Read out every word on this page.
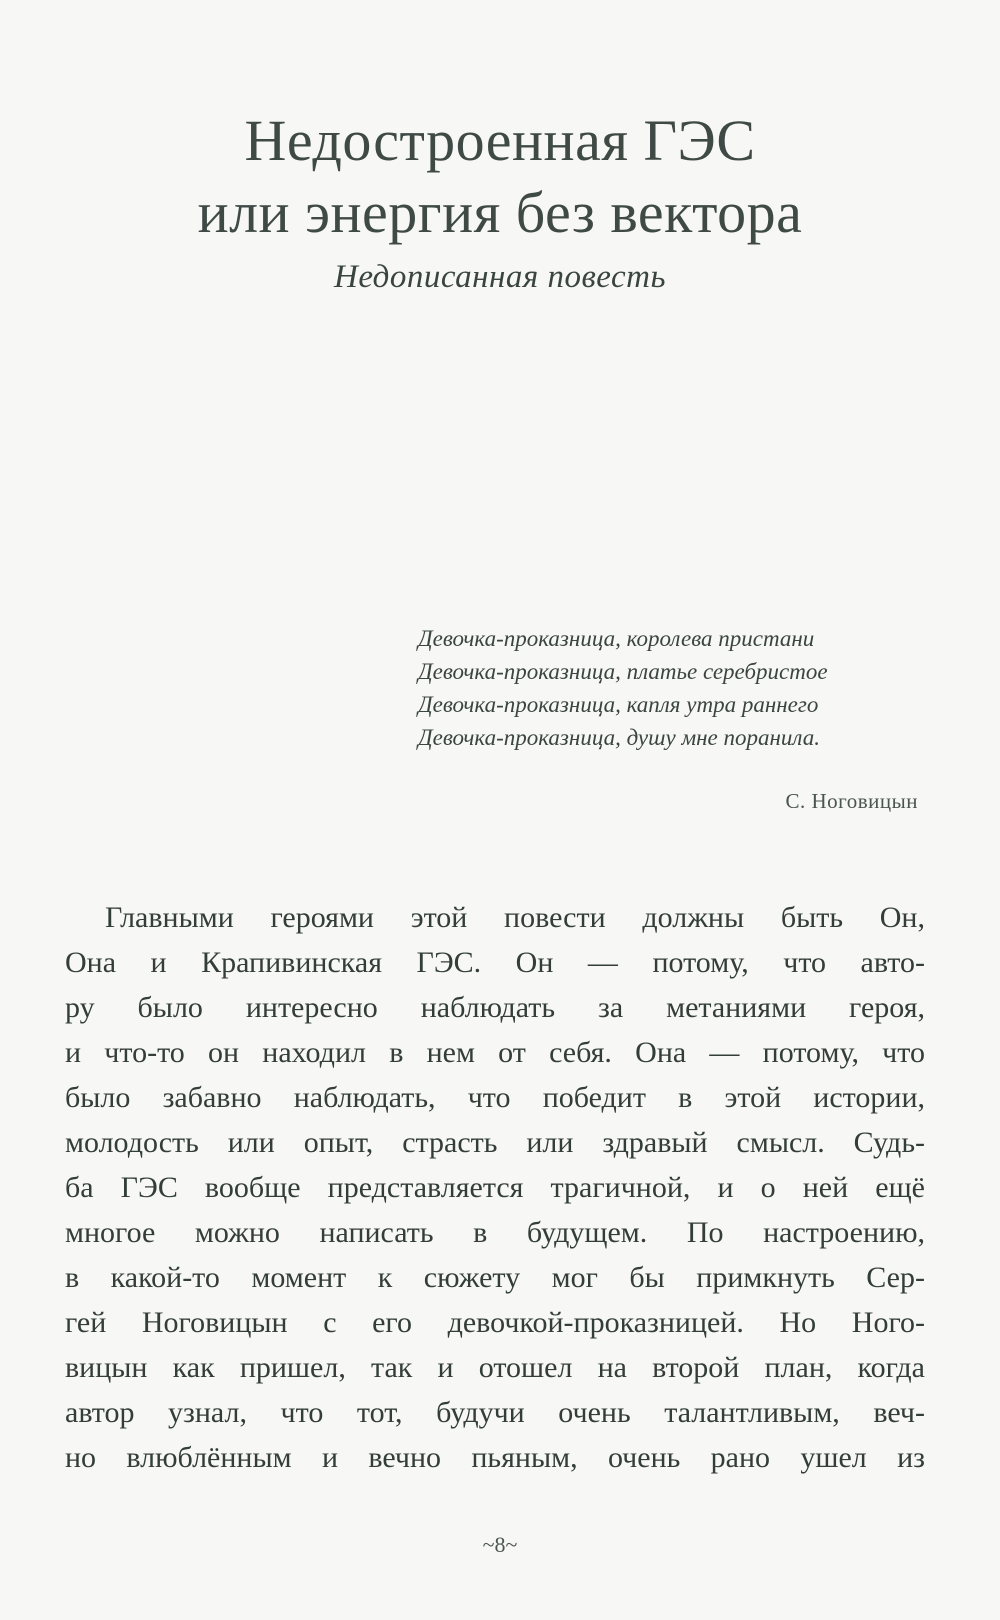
Недостроенная ГЭС
или энергия без вектора
Недописанная повесть
Девочка-проказница, королева пристани
Девочка-проказница, платье серебристое
Девочка-проказница, капля утра раннего
Девочка-проказница, душу мне поранила.
С. Ноговицын
Главными героями этой повести должны быть Он,
Она и Крапивинская ГЭС. Он — потому, что авто-
ру было интересно наблюдать за метаниями героя,
и что-то он находил в нем от себя. Она — потому, что
было забавно наблюдать, что победит в этой истории,
молодость или опыт, страсть или здравый смысл. Судь-
ба ГЭС вообще представляется трагичной, и о ней ещё
многое можно написать в будущем. По настроению,
в какой-то момент к сюжету мог бы примкнуть Сер-
гей Ноговицын с его девочкой-проказницей. Но Ного-
вицын как пришел, так и отошел на второй план, когда
автор узнал, что тот, будучи очень талантливым, веч-
но влюблённым и вечно пьяным, очень рано ушел из
~8~
